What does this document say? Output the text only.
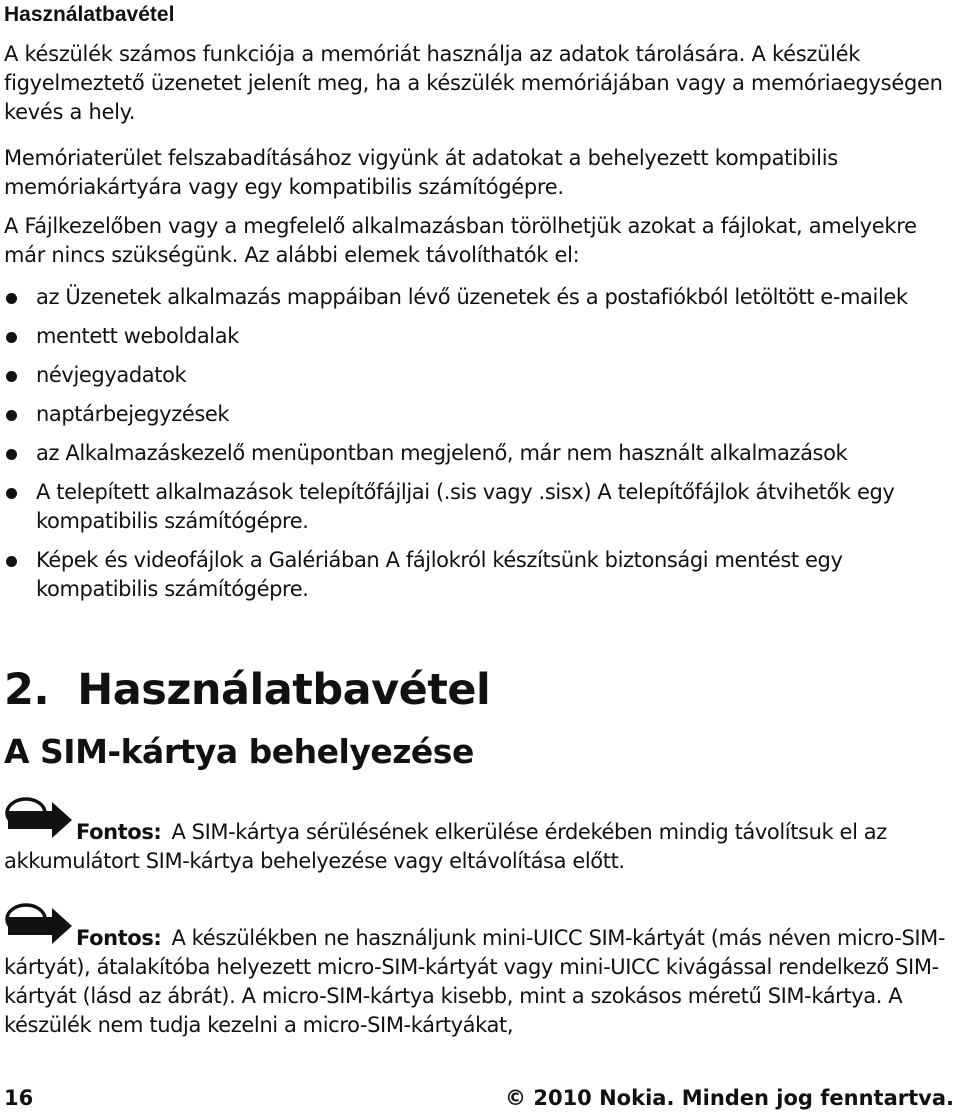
Használatbavétel

A készülék számos funkciója a memóriát használja az adatok tárolására. A készülék figyelmeztető üzenetet jelenít meg, ha a készülék memóriájában vagy a memóriaegységen kevés a hely.

Memóriaterület felszabadításához vigyünk át adatokat a behelyezett kompatibilis memóriakártyára vagy egy kompatibilis számítógépre.

A Fájlkezelőben vagy a megfelelő alkalmazásban törölhetjük azokat a fájlokat, amelyekre már nincs szükségünk. Az alábbi elemek távolíthatók el:

az Üzenetek alkalmazás mappáiban lévő üzenetek és a postafiókból letöltött e-mailek
mentett weboldalak
névjegyadatok
naptárbejegyzések
az Alkalmazáskezelő menüpontban megjelenő, már nem használt alkalmazások
A telepített alkalmazások telepítőfájljai (.sis vagy .sisx) A telepítőfájlok átvihetők egy kompatibilis számítógépre.
Képek és videofájlok a Galériában A fájlokról készítsünk biztonsági mentést egy kompatibilis számítógépre.
2. Használatbavétel
A SIM-kártya behelyezése

Fontos: A SIM-kártya sérülésének elkerülése érdekében mindig távolítsuk el az akkumulátort SIM-kártya behelyezése vagy eltávolítása előtt.

Fontos: A készülékben ne használjunk mini-UICC SIM-kártyát (más néven micro-SIM-kártyát), átalakítóba helyezett micro-SIM-kártyát vagy mini-UICC kivágással rendelkező SIM-kártyát (lásd az ábrát). A micro-SIM-kártya kisebb, mint a szokásos méretű SIM-kártya. A készülék nem tudja kezelni a micro-SIM-kártyákat,

16	© 2010 Nokia. Minden jog fenntartva.
